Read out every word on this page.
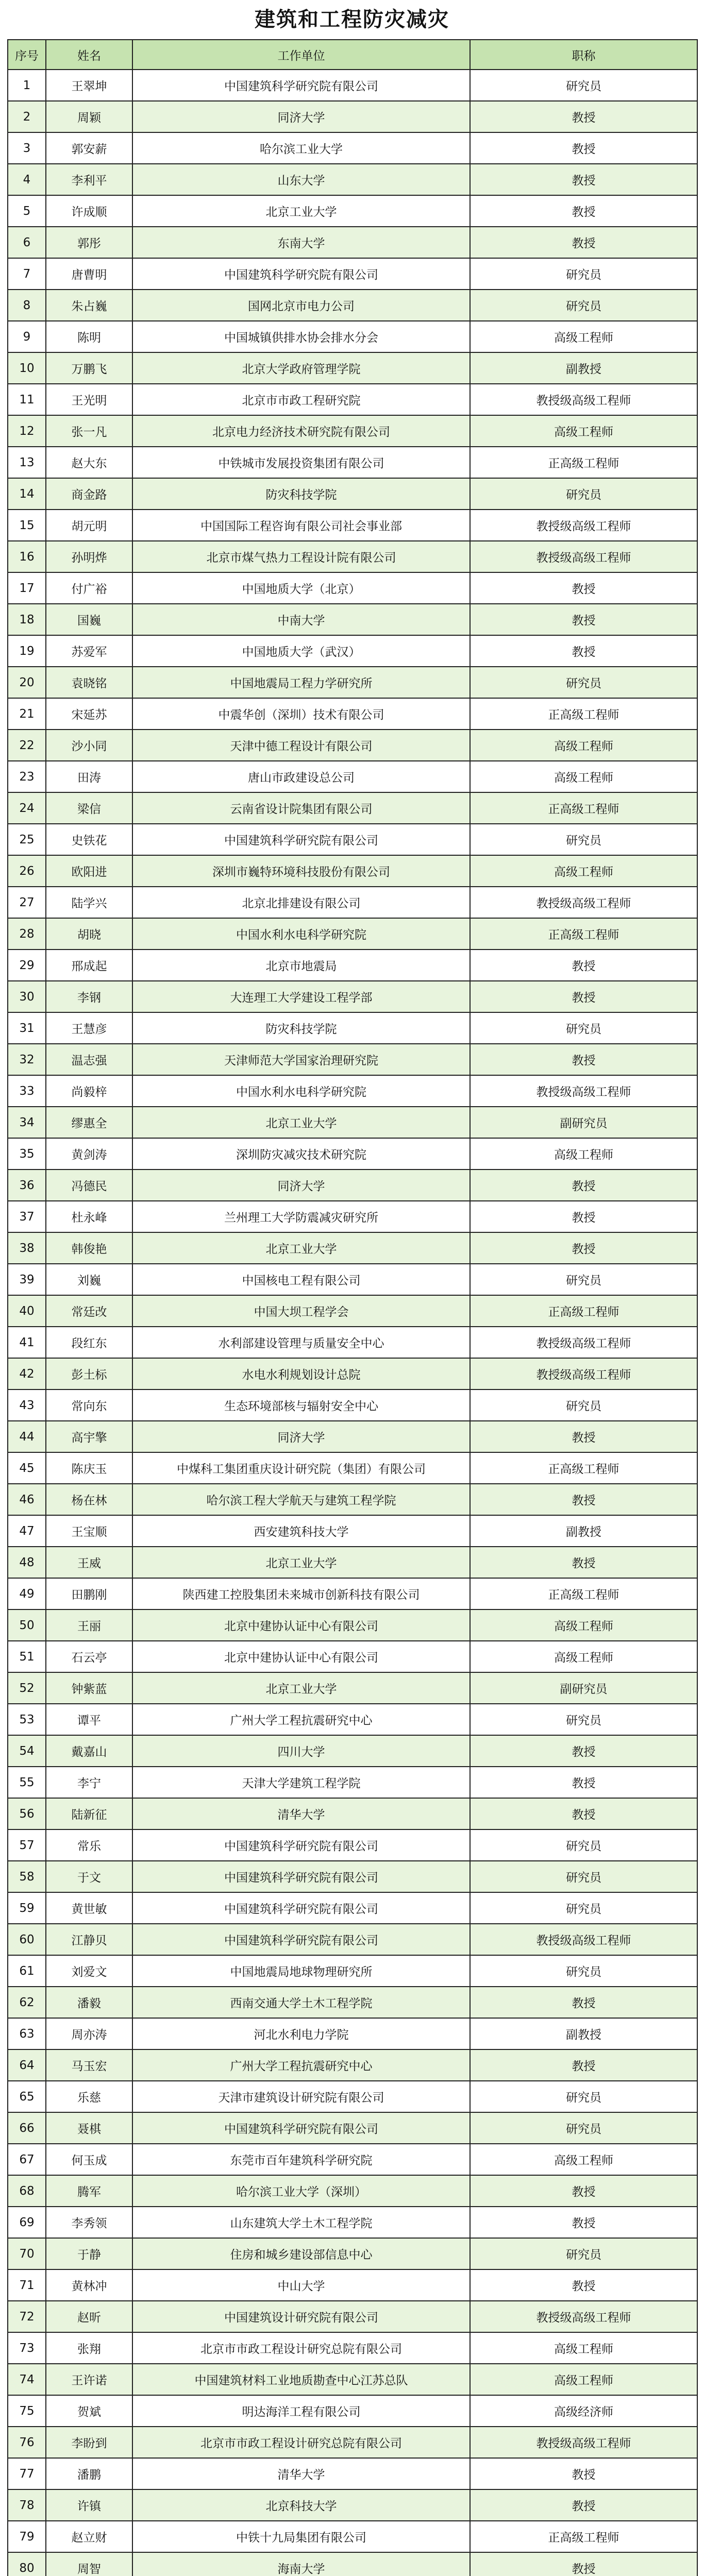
建筑和工程防灾减灾
序号	姓名	工作单位	职称
1	王翠坤	中国建筑科学研究院有限公司	研究员
2	周颖	同济大学	教授
3	郭安薪	哈尔滨工业大学	教授
4	李利平	山东大学	教授
5	许成顺	北京工业大学	教授
6	郭彤	东南大学	教授
7	唐曹明	中国建筑科学研究院有限公司	研究员
8	朱占巍	国网北京市电力公司	研究员
9	陈明	中国城镇供排水协会排水分会	高级工程师
10	万鹏飞	北京大学政府管理学院	副教授
11	王光明	北京市市政工程研究院	教授级高级工程师
12	张一凡	北京电力经济技术研究院有限公司	高级工程师
13	赵大东	中铁城市发展投资集团有限公司	正高级工程师
14	商金路	防灾科技学院	研究员
15	胡元明	中国国际工程咨询有限公司社会事业部	教授级高级工程师
16	孙明烨	北京市煤气热力工程设计院有限公司	教授级高级工程师
17	付广裕	中国地质大学（北京）	教授
18	国巍	中南大学	教授
19	苏爱军	中国地质大学（武汉）	教授
20	袁晓铭	中国地震局工程力学研究所	研究员
21	宋延苏	中震华创（深圳）技术有限公司	正高级工程师
22	沙小同	天津中德工程设计有限公司	高级工程师
23	田涛	唐山市政建设总公司	高级工程师
24	梁信	云南省设计院集团有限公司	正高级工程师
25	史铁花	中国建筑科学研究院有限公司	研究员
26	欧阳进	深圳市巍特环境科技股份有限公司	高级工程师
27	陆学兴	北京北排建设有限公司	教授级高级工程师
28	胡晓	中国水利水电科学研究院	正高级工程师
29	邢成起	北京市地震局	教授
30	李钢	大连理工大学建设工程学部	教授
31	王慧彦	防灾科技学院	研究员
32	温志强	天津师范大学国家治理研究院	教授
33	尚毅梓	中国水利水电科学研究院	教授级高级工程师
34	缪惠全	北京工业大学	副研究员
35	黄剑涛	深圳防灾减灾技术研究院	高级工程师
36	冯德民	同济大学	教授
37	杜永峰	兰州理工大学防震减灾研究所	教授
38	韩俊艳	北京工业大学	教授
39	刘巍	中国核电工程有限公司	研究员
40	常廷改	中国大坝工程学会	正高级工程师
41	段红东	水利部建设管理与质量安全中心	教授级高级工程师
42	彭土标	水电水利规划设计总院	教授级高级工程师
43	常向东	生态环境部核与辐射安全中心	研究员
44	高宇擎	同济大学	教授
45	陈庆玉	中煤科工集团重庆设计研究院（集团）有限公司	正高级工程师
46	杨在林	哈尔滨工程大学航天与建筑工程学院	教授
47	王宝顺	西安建筑科技大学	副教授
48	王威	北京工业大学	教授
49	田鹏刚	陕西建工控股集团未来城市创新科技有限公司	正高级工程师
50	王丽	北京中建协认证中心有限公司	高级工程师
51	石云亭	北京中建协认证中心有限公司	高级工程师
52	钟紫蓝	北京工业大学	副研究员
53	谭平	广州大学工程抗震研究中心	研究员
54	戴嘉山	四川大学	教授
55	李宁	天津大学建筑工程学院	教授
56	陆新征	清华大学	教授
57	常乐	中国建筑科学研究院有限公司	研究员
58	于文	中国建筑科学研究院有限公司	研究员
59	黄世敏	中国建筑科学研究院有限公司	研究员
60	江静贝	中国建筑科学研究院有限公司	教授级高级工程师
61	刘爱文	中国地震局地球物理研究所	研究员
62	潘毅	西南交通大学土木工程学院	教授
63	周亦涛	河北水利电力学院	副教授
64	马玉宏	广州大学工程抗震研究中心	教授
65	乐慈	天津市建筑设计研究院有限公司	研究员
66	聂棋	中国建筑科学研究院有限公司	研究员
67	何玉成	东莞市百年建筑科学研究院	高级工程师
68	腾军	哈尔滨工业大学（深圳）	教授
69	李秀领	山东建筑大学土木工程学院	教授
70	于静	住房和城乡建设部信息中心	研究员
71	黄林冲	中山大学	教授
72	赵昕	中国建筑设计研究院有限公司	教授级高级工程师
73	张翔	北京市市政工程设计研究总院有限公司	高级工程师
74	王许诺	中国建筑材料工业地质勘查中心江苏总队	高级工程师
75	贺斌	明达海洋工程有限公司	高级经济师
76	李盼到	北京市市政工程设计研究总院有限公司	教授级高级工程师
77	潘鹏	清华大学	教授
78	许镇	北京科技大学	教授
79	赵立财	中铁十九局集团有限公司	正高级工程师
80	周智	海南大学	教授
